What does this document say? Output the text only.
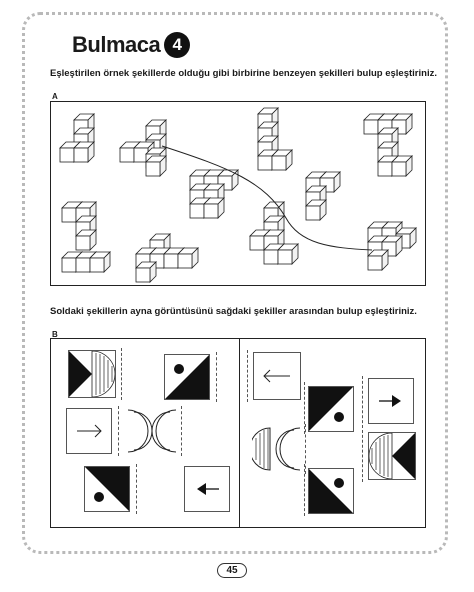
Bulmaca 4
Eşleştirilen örnek şekillerde olduğu gibi birbirine benzeyen şekilleri bulup eşleştiriniz.
A
Soldaki şekillerin ayna görüntüsünü sağdaki şekiller arasından bulup eşleştiriniz.
B
45
